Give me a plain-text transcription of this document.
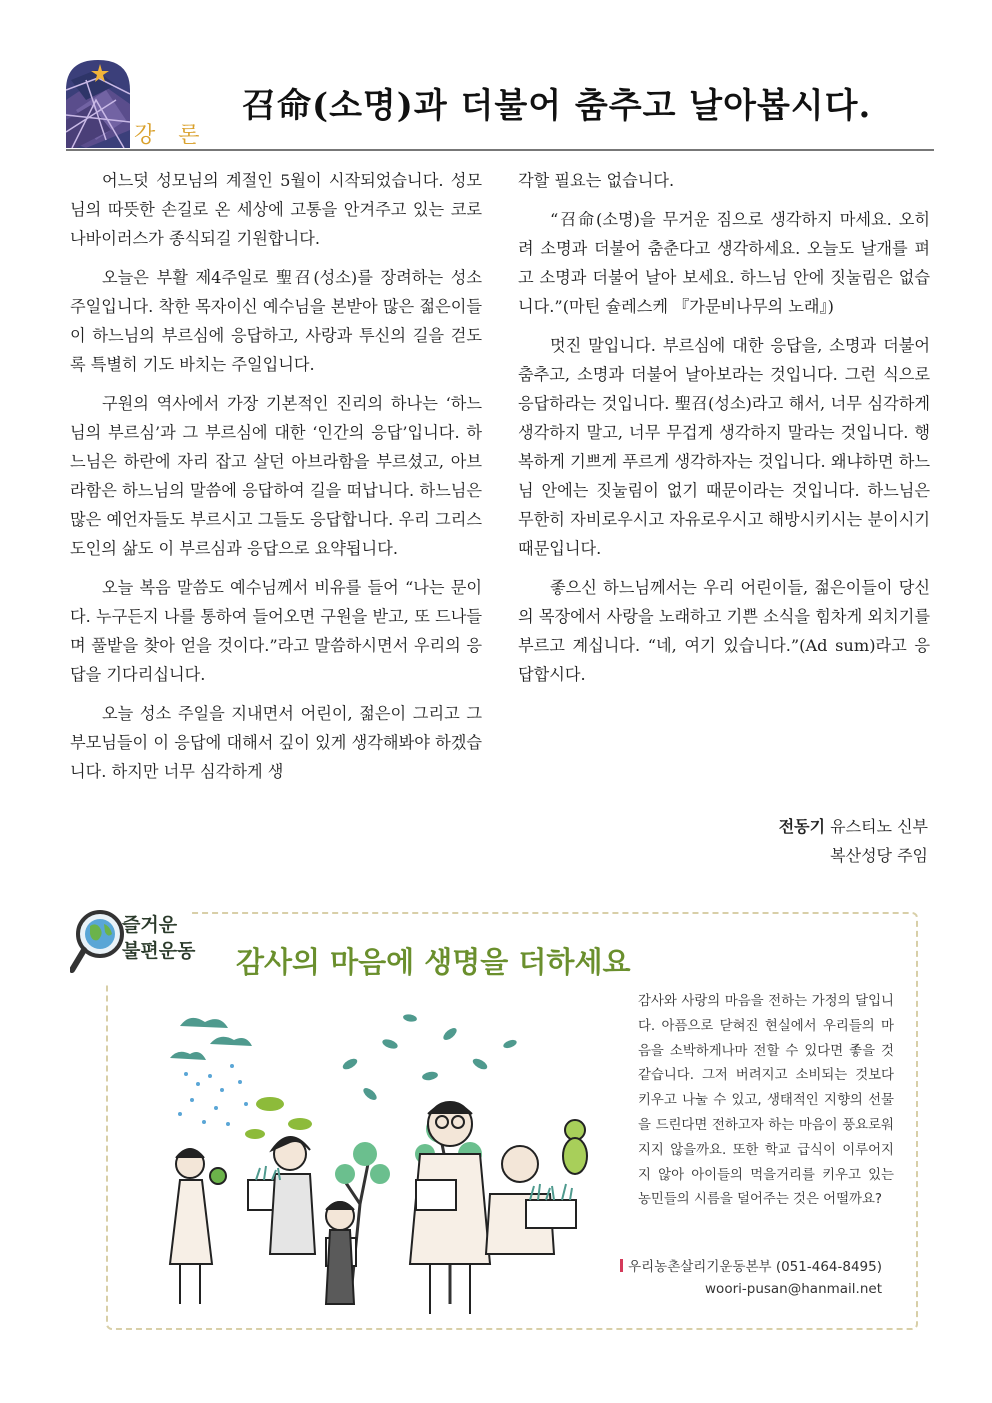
강 론
召命(소명)과 더불어 춤추고 날아봅시다.

어느덧 성모님의 계절인 5월이 시작되었습니다. 성모님의 따뜻한 손길로 온 세상에 고통을 안겨주고 있는 코로나바이러스가 종식되길 기원합니다.

오늘은 부활 제4주일로 聖召(성소)를 장려하는 성소 주일입니다. 착한 목자이신 예수님을 본받아 많은 젊은이들이 하느님의 부르심에 응답하고, 사랑과 투신의 길을 걷도록 특별히 기도 바치는 주일입니다.

구원의 역사에서 가장 기본적인 진리의 하나는 ‘하느님의 부르심’과 그 부르심에 대한 ‘인간의 응답’입니다. 하느님은 하란에 자리 잡고 살던 아브라함을 부르셨고, 아브라함은 하느님의 말씀에 응답하여 길을 떠납니다. 하느님은 많은 예언자들도 부르시고 그들도 응답합니다. 우리 그리스도인의 삶도 이 부르심과 응답으로 요약됩니다.

오늘 복음 말씀도 예수님께서 비유를 들어 “나는 문이다. 누구든지 나를 통하여 들어오면 구원을 받고, 또 드나들며 풀밭을 찾아 얻을 것이다.”라고 말씀하시면서 우리의 응답을 기다리십니다.

오늘 성소 주일을 지내면서 어린이, 젊은이 그리고 그 부모님들이 이 응답에 대해서 깊이 있게 생각해봐야 하겠습니다. 하지만 너무 심각하게 생

각할 필요는 없습니다.

“召命(소명)을 무거운 짐으로 생각하지 마세요. 오히려 소명과 더불어 춤춘다고 생각하세요. 오늘도 날개를 펴고 소명과 더불어 날아 보세요. 하느님 안에 짓눌림은 없습니다.”(마틴 슐레스케 『가문비나무의 노래』)

멋진 말입니다. 부르심에 대한 응답을, 소명과 더불어 춤추고, 소명과 더불어 날아보라는 것입니다. 그런 식으로 응답하라는 것입니다. 聖召(성소)라고 해서, 너무 심각하게 생각하지 말고, 너무 무겁게 생각하지 말라는 것입니다. 행복하게 기쁘게 푸르게 생각하자는 것입니다. 왜냐하면 하느님 안에는 짓눌림이 없기 때문이라는 것입니다. 하느님은 무한히 자비로우시고 자유로우시고 해방시키시는 분이시기 때문입니다.

좋으신 하느님께서는 우리 어린이들, 젊은이들이 당신의 목장에서 사랑을 노래하고 기쁜 소식을 힘차게 외치기를 부르고 계십니다. “네, 여기 있습니다.”(Ad sum)라고 응답합시다.

전동기 유스티노 신부
복산성당 주임
즐거운
불편운동 감사의 마음에 생명을 더하세요
감사와 사랑의 마음을 전하는 가정의 달입니다. 아픔으로 닫혀진 현실에서 우리들의 마음을 소박하게나마 전할 수 있다면 좋을 것 같습니다. 그저 버려지고 소비되는 것보다 키우고 나눌 수 있고, 생태적인 지향의 선물을 드린다면 전하고자 하는 마음이 풍요로워 지지 않을까요. 또한 학교 급식이 이루어지지 않아 아이들의 먹을거리를 키우고 있는 농민들의 시름을 덜어주는 것은 어떨까요?
우리농촌살리기운동본부 (051-464-8495)
woori-pusan@hanmail.net
